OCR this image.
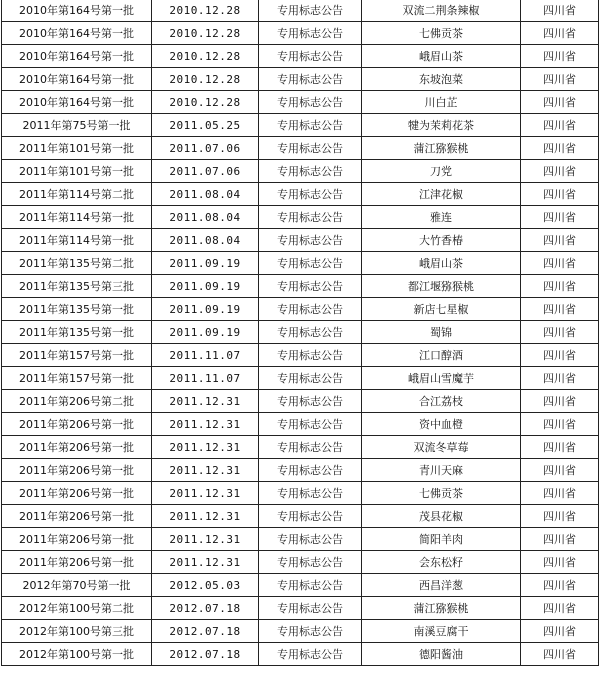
2010年第164号第一批	2010.12.28	专用标志公告	双流二荆条辣椒	四川省
2010年第164号第一批	2010.12.28	专用标志公告	七佛贡茶	四川省
2010年第164号第一批	2010.12.28	专用标志公告	峨眉山茶	四川省
2010年第164号第一批	2010.12.28	专用标志公告	东坡泡菜	四川省
2010年第164号第一批	2010.12.28	专用标志公告	川白芷	四川省
2011年第75号第一批	2011.05.25	专用标志公告	犍为茉莉花茶	四川省
2011年第101号第一批	2011.07.06	专用标志公告	蒲江猕猴桃	四川省
2011年第101号第一批	2011.07.06	专用标志公告	刀党	四川省
2011年第114号第二批	2011.08.04	专用标志公告	江津花椒	四川省
2011年第114号第一批	2011.08.04	专用标志公告	雅连	四川省
2011年第114号第一批	2011.08.04	专用标志公告	大竹香椿	四川省
2011年第135号第二批	2011.09.19	专用标志公告	峨眉山茶	四川省
2011年第135号第三批	2011.09.19	专用标志公告	都江堰猕猴桃	四川省
2011年第135号第一批	2011.09.19	专用标志公告	新店七星椒	四川省
2011年第135号第一批	2011.09.19	专用标志公告	蜀锦	四川省
2011年第157号第一批	2011.11.07	专用标志公告	江口醇酒	四川省
2011年第157号第一批	2011.11.07	专用标志公告	峨眉山雪魔芋	四川省
2011年第206号第二批	2011.12.31	专用标志公告	合江荔枝	四川省
2011年第206号第一批	2011.12.31	专用标志公告	资中血橙	四川省
2011年第206号第一批	2011.12.31	专用标志公告	双流冬草莓	四川省
2011年第206号第一批	2011.12.31	专用标志公告	青川天麻	四川省
2011年第206号第一批	2011.12.31	专用标志公告	七佛贡茶	四川省
2011年第206号第一批	2011.12.31	专用标志公告	茂县花椒	四川省
2011年第206号第一批	2011.12.31	专用标志公告	简阳羊肉	四川省
2011年第206号第一批	2011.12.31	专用标志公告	会东松籽	四川省
2012年第70号第一批	2012.05.03	专用标志公告	西昌洋葱	四川省
2012年第100号第二批	2012.07.18	专用标志公告	蒲江猕猴桃	四川省
2012年第100号第三批	2012.07.18	专用标志公告	南溪豆腐干	四川省
2012年第100号第一批	2012.07.18	专用标志公告	德阳酱油	四川省
